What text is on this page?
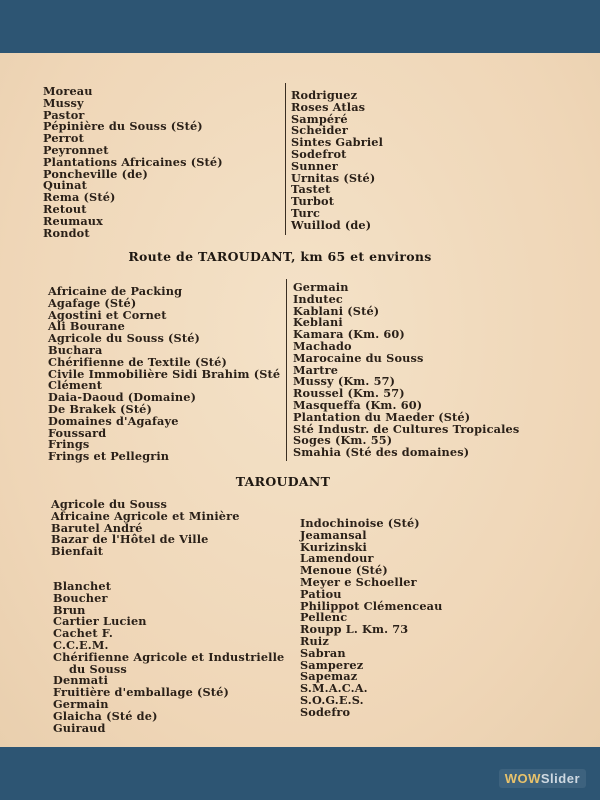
Moreau
Mussy
Pastor
Pépinière du Souss (Sté)
Perrot
Peyronnet
Plantations Africaines (Sté)
Poncheville (de)
Quinat
Rema (Sté)
Retout
Reumaux
Rondot
Rodriguez
Roses Atlas
Sampéré
Scheider
Sintes Gabriel
Sodefrot
Sunner
Urnitas (Sté)
Tastet
Turbot
Turc
Wuillod (de)
Route de TAROUDANT, km 65 et environs
Africaine de Packing
Agafage (Sté)
Agostini et Cornet
Ali Bourane
Agricole du Souss (Sté)
Buchara
Chérifienne de Textile (Sté)
Civile Immobilière Sidi Brahim (Sté
Clément
Daia-Daoud (Domaine)
De Brakek (Sté)
Domaines d'Agafaye
Foussard
Frings
Frings et Pellegrin
Germain
Indutec
Kablani (Sté)
Keblani
Kamara (Km. 60)
Machado
Marocaine du Souss
Martre
Mussy (Km. 57)
Roussel (Km. 57)
Masqueffa (Km. 60)
Plantation du Maeder (Sté)
Sté Industr. de Cultures Tropicales
Soges (Km. 55)
Smahia (Sté des domaines)
TAROUDANT
Agricole du Souss
Africaine Agricole et Minière
Barutel André
Bazar de l'Hôtel de Ville
Bienfait
Blanchet
Boucher
Brun
Cartier Lucien
Cachet F.
C.C.E.M.
Chérifienne Agricole et Industrielle
du Souss
Denmati
Fruitière d'emballage (Sté)
Germain
Glaicha (Sté de)
Guiraud
Indochinoise (Sté)
Jeamansal
Kurizinski
Lamendour
Menoue (Sté)
Meyer e Schoeller
Patiou
Philippot Clémenceau
Pellenc
Roupp L. Km. 73
Ruiz
Sabran
Samperez
Sapemaz
S.M.A.C.A.
S.O.G.E.S.
Sodefro
WOWSlider
